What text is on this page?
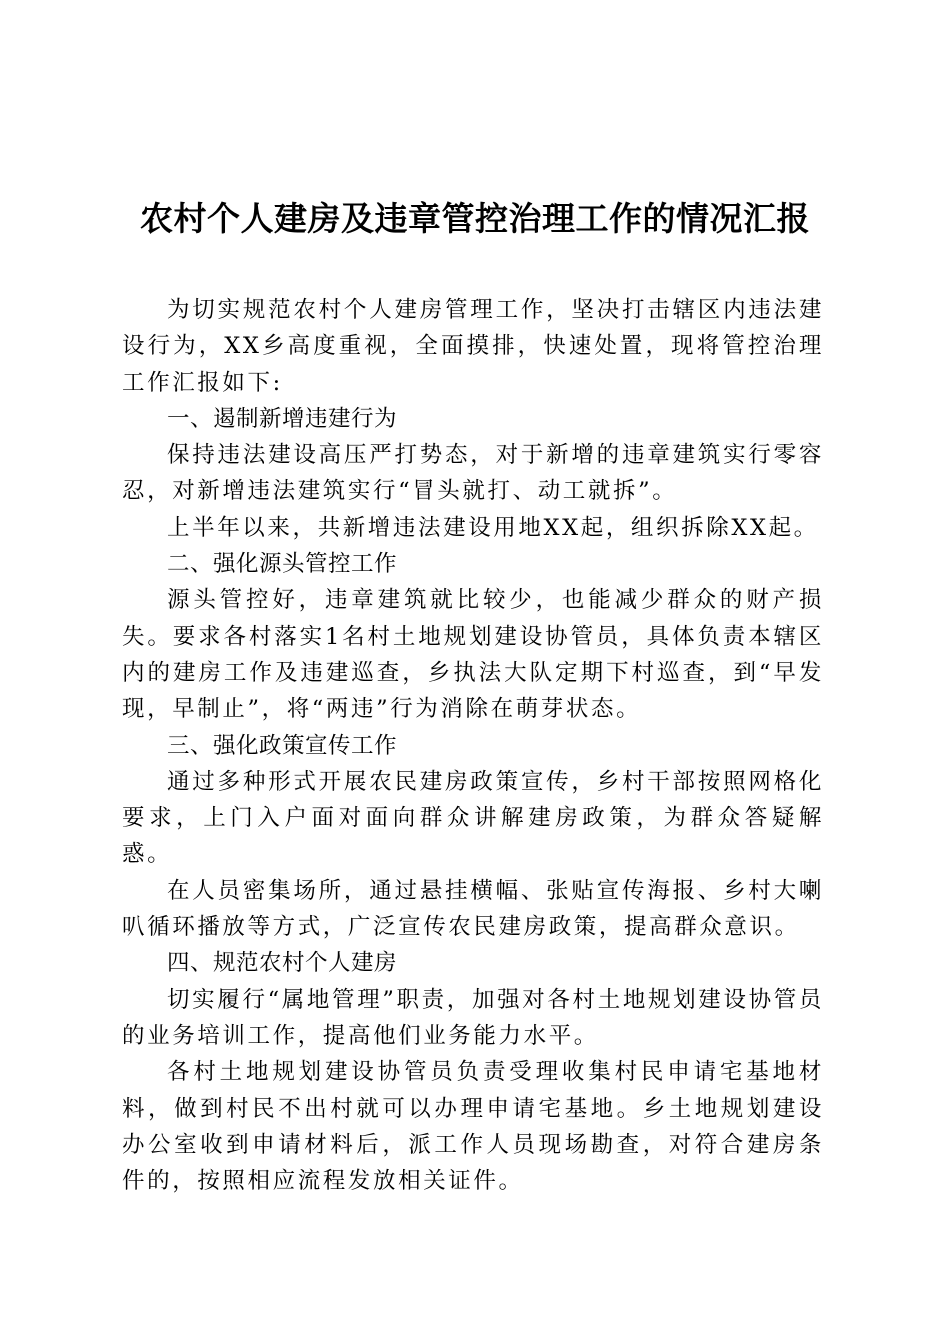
农村个人建房及违章管控治理工作的情况汇报

为切实规范农村个人建房管理工作，坚决打击辖区内违法建设行为，XX乡高度重视，全面摸排，快速处置，现将管控治理工作汇报如下:

一、遏制新增违建行为

保持违法建设高压严打势态，对于新增的违章建筑实行零容忍，对新增违法建筑实行“冒头就打、动工就拆”。

上半年以来，共新增违法建设用地XX起，组织拆除XX起。

二、强化源头管控工作

源头管控好，违章建筑就比较少，也能减少群众的财产损失。要求各村落实1名村土地规划建设协管员，具体负责本辖区内的建房工作及违建巡查，乡执法大队定期下村巡查，到“早发现，早制止”，将“两违”行为消除在萌芽状态。

三、强化政策宣传工作

通过多种形式开展农民建房政策宣传，乡村干部按照网格化要求，上门入户面对面向群众讲解建房政策，为群众答疑解惑。

在人员密集场所，通过悬挂横幅、张贴宣传海报、乡村大喇叭循环播放等方式，广泛宣传农民建房政策，提高群众意识。

四、规范农村个人建房

切实履行“属地管理”职责，加强对各村土地规划建设协管员的业务培训工作，提高他们业务能力水平。

各村土地规划建设协管员负责受理收集村民申请宅基地材料，做到村民不出村就可以办理申请宅基地。乡土地规划建设办公室收到申请材料后，派工作人员现场勘查，对符合建房条件的，按照相应流程发放相关证件。
